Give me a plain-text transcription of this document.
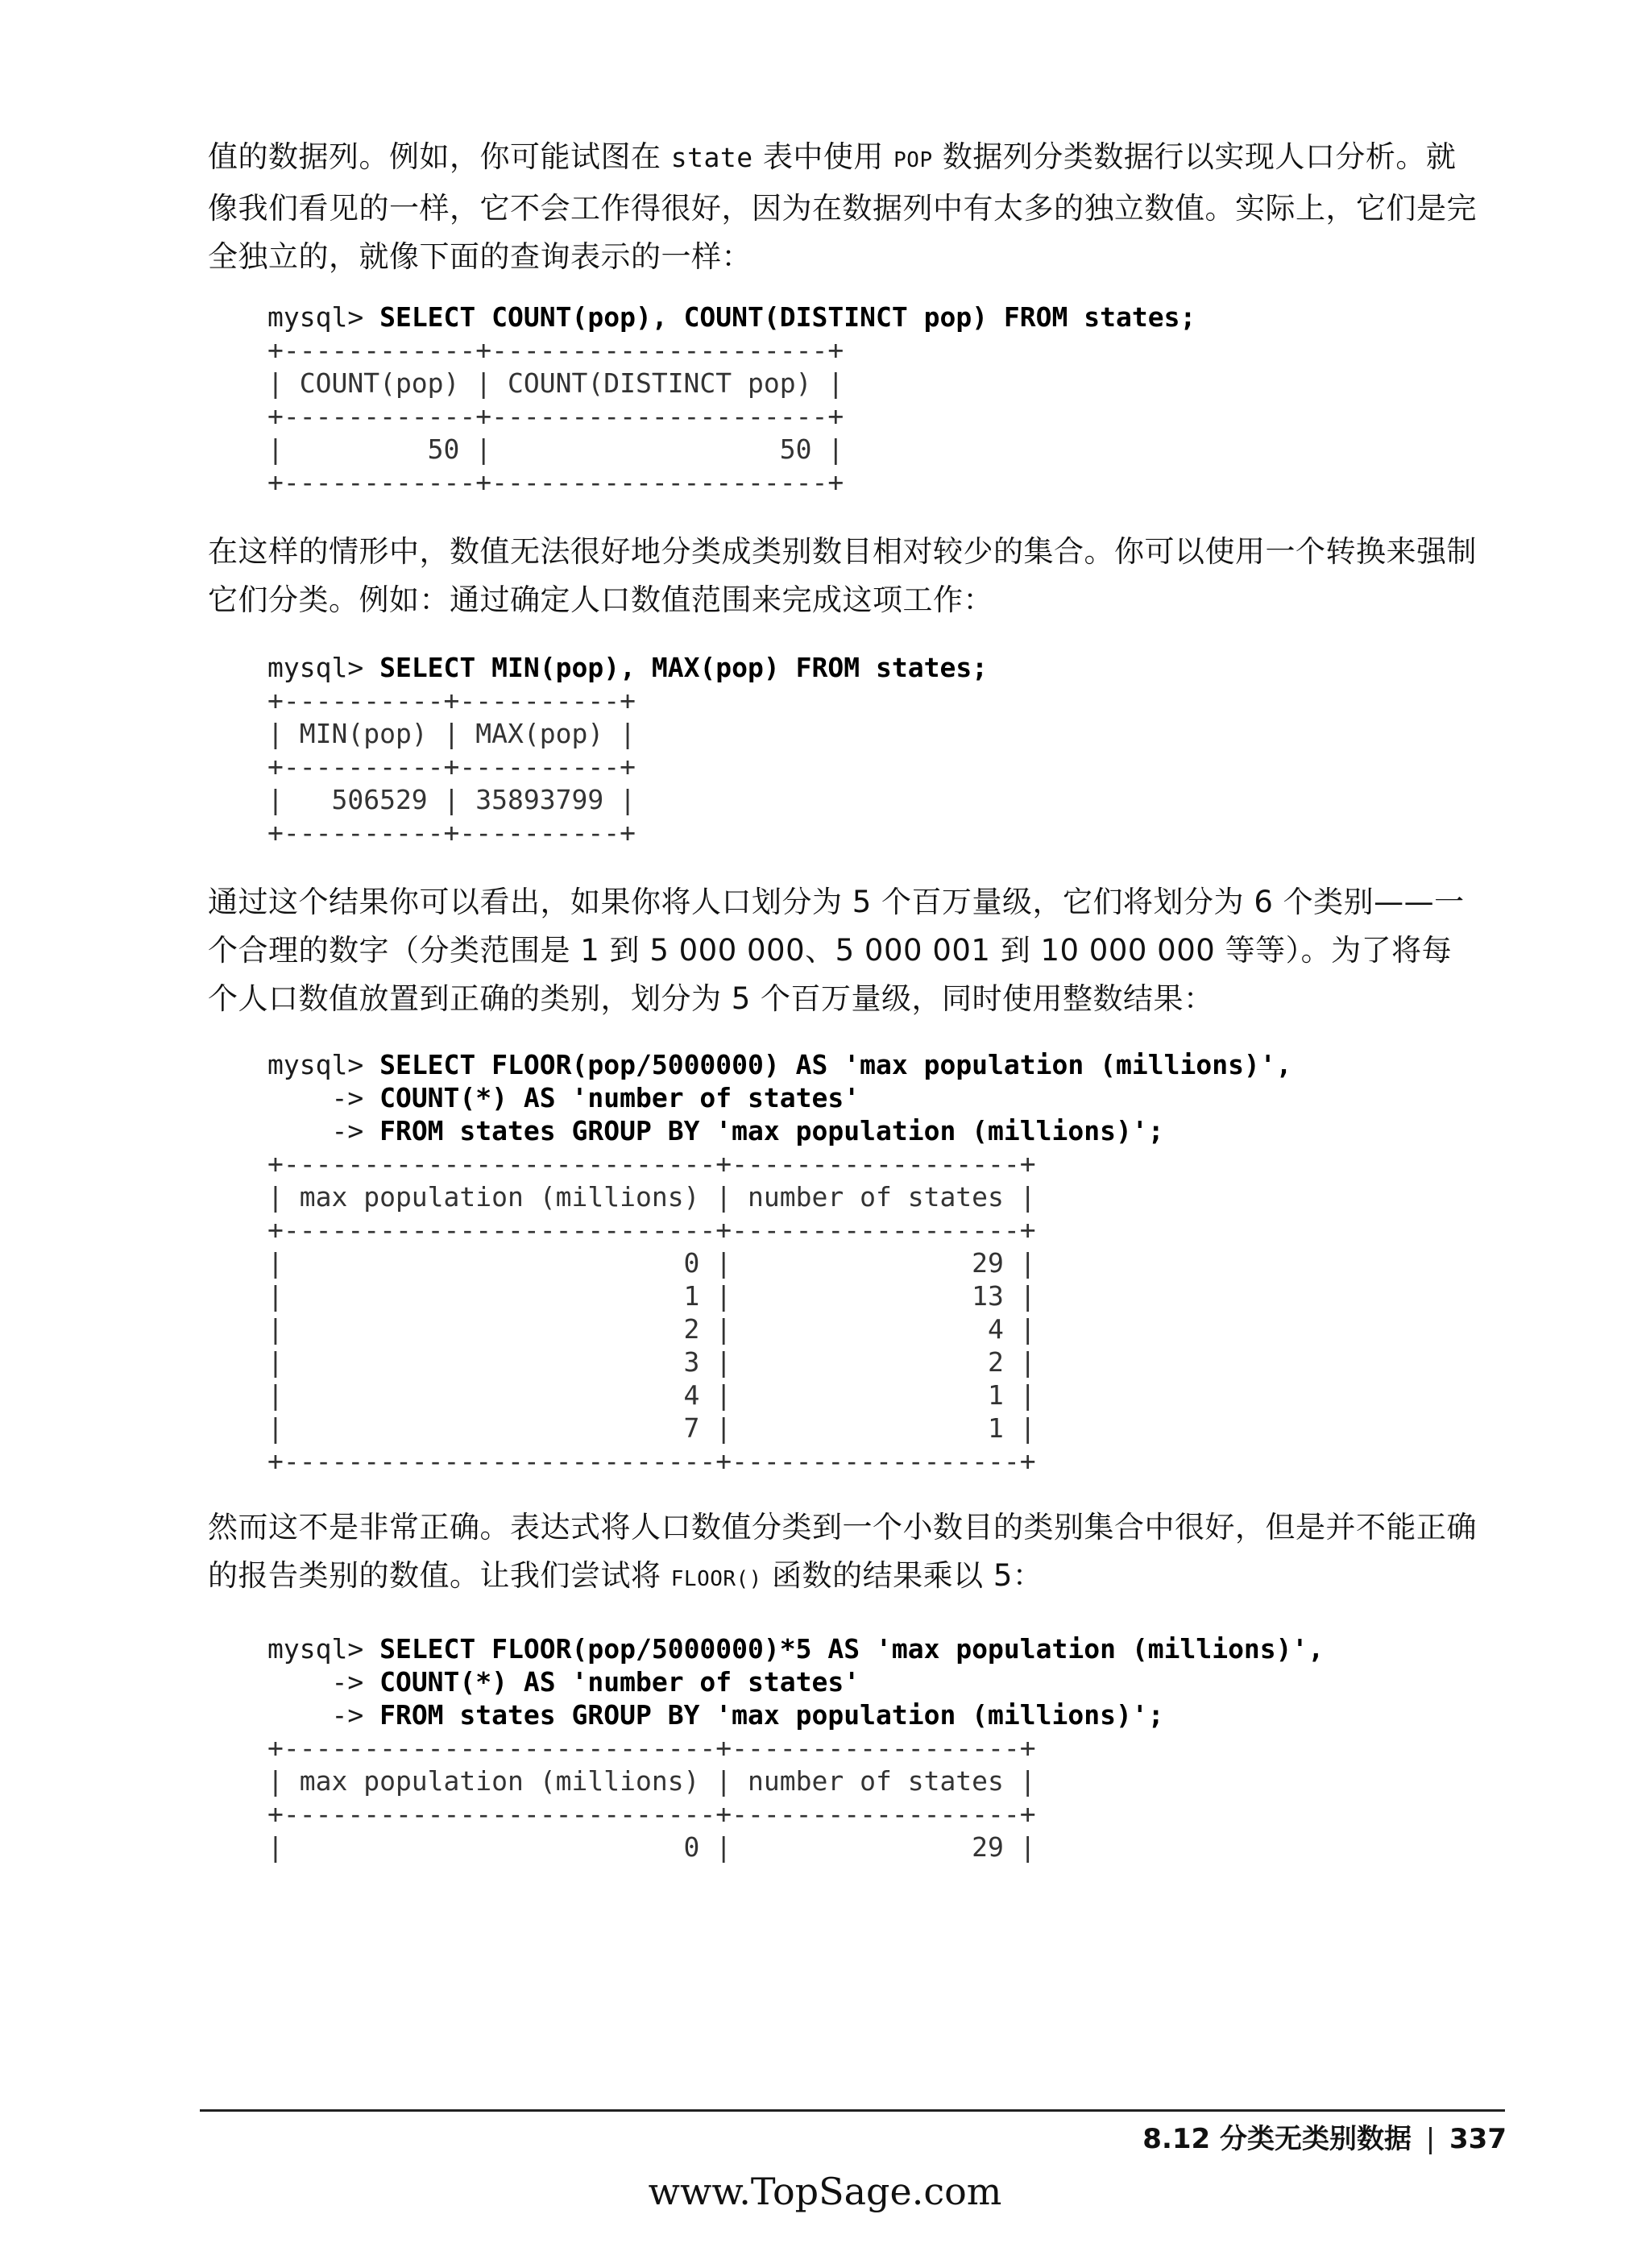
值的数据列。例如，你可能试图在 state 表中使用 POP 数据列分类数据行以实现人口分析。就像我们看见的一样，它不会工作得很好，因为在数据列中有太多的独立数值。实际上，它们是完全独立的，就像下面的查询表示的一样：

mysql> SELECT COUNT(pop), COUNT(DISTINCT pop) FROM states;
+------------+---------------------+
| COUNT(pop) | COUNT(DISTINCT pop) |
+------------+---------------------+
|         50 |                  50 |
+------------+---------------------+

在这样的情形中，数值无法很好地分类成类别数目相对较少的集合。你可以使用一个转换来强制它们分类。例如：通过确定人口数值范围来完成这项工作：

mysql> SELECT MIN(pop), MAX(pop) FROM states;
+----------+----------+
| MIN(pop) | MAX(pop) |
+----------+----------+
|   506529 | 35893799 |
+----------+----------+

通过这个结果你可以看出，如果你将人口划分为 5 个百万量级，它们将划分为 6 个类别——一个合理的数字（分类范围是 1 到 5 000 000、5 000 001 到 10 000 000 等等）。为了将每个人口数值放置到正确的类别，划分为 5 个百万量级，同时使用整数结果：

mysql> SELECT FLOOR(pop/5000000) AS 'max population (millions)',
-> COUNT(*) AS 'number of states'
-> FROM states GROUP BY 'max population (millions)';
+---------------------------+------------------+
| max population (millions) | number of states |
+---------------------------+------------------+
|                         0 |               29 |
|                         1 |               13 |
|                         2 |                4 |
|                         3 |                2 |
|                         4 |                1 |
|                         7 |                1 |
+---------------------------+------------------+

然而这不是非常正确。表达式将人口数值分类到一个小数目的类别集合中很好，但是并不能正确的报告类别的数值。让我们尝试将 FLOOR() 函数的结果乘以 5：

mysql> SELECT FLOOR(pop/5000000)*5 AS 'max population (millions)',
-> COUNT(*) AS 'number of states'
-> FROM states GROUP BY 'max population (millions)';
+---------------------------+------------------+
| max population (millions) | number of states |
+---------------------------+------------------+
|                         0 |               29 |
8.12 分类无类别数据 337
www.TopSage.com
